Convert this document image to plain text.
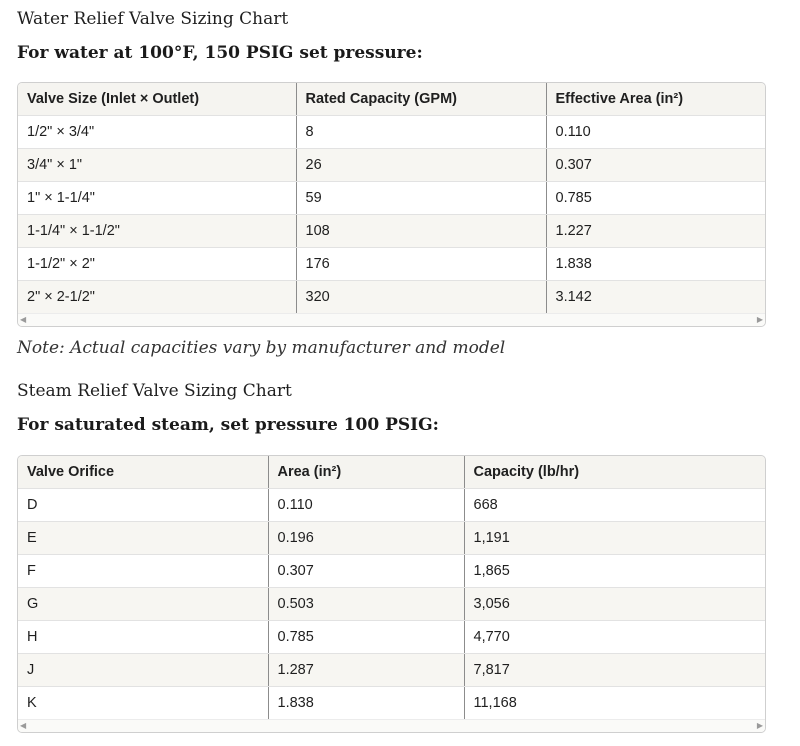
Water Relief Valve Sizing Chart
For water at 100°F, 150 PSIG set pressure:
Valve Size (Inlet × Outlet)	Rated Capacity (GPM)	Effective Area (in²)
1/2" × 3/4"	8	0.110
3/4" × 1"	26	0.307
1" × 1-1/4"	59	0.785
1-1/4" × 1-1/2"	108	1.227
1-1/2" × 2"	176	1.838
2" × 2-1/2"	320	3.142
◀	▶

Note: Actual capacities vary by manufacturer and model

Steam Relief Valve Sizing Chart
For saturated steam, set pressure 100 PSIG:
Valve Orifice	Area (in²)	Capacity (lb/hr)
D	0.110	668
E	0.196	1,191
F	0.307	1,865
G	0.503	3,056
H	0.785	4,770
J	1.287	7,817
K	1.838	11,168
◀	▶
